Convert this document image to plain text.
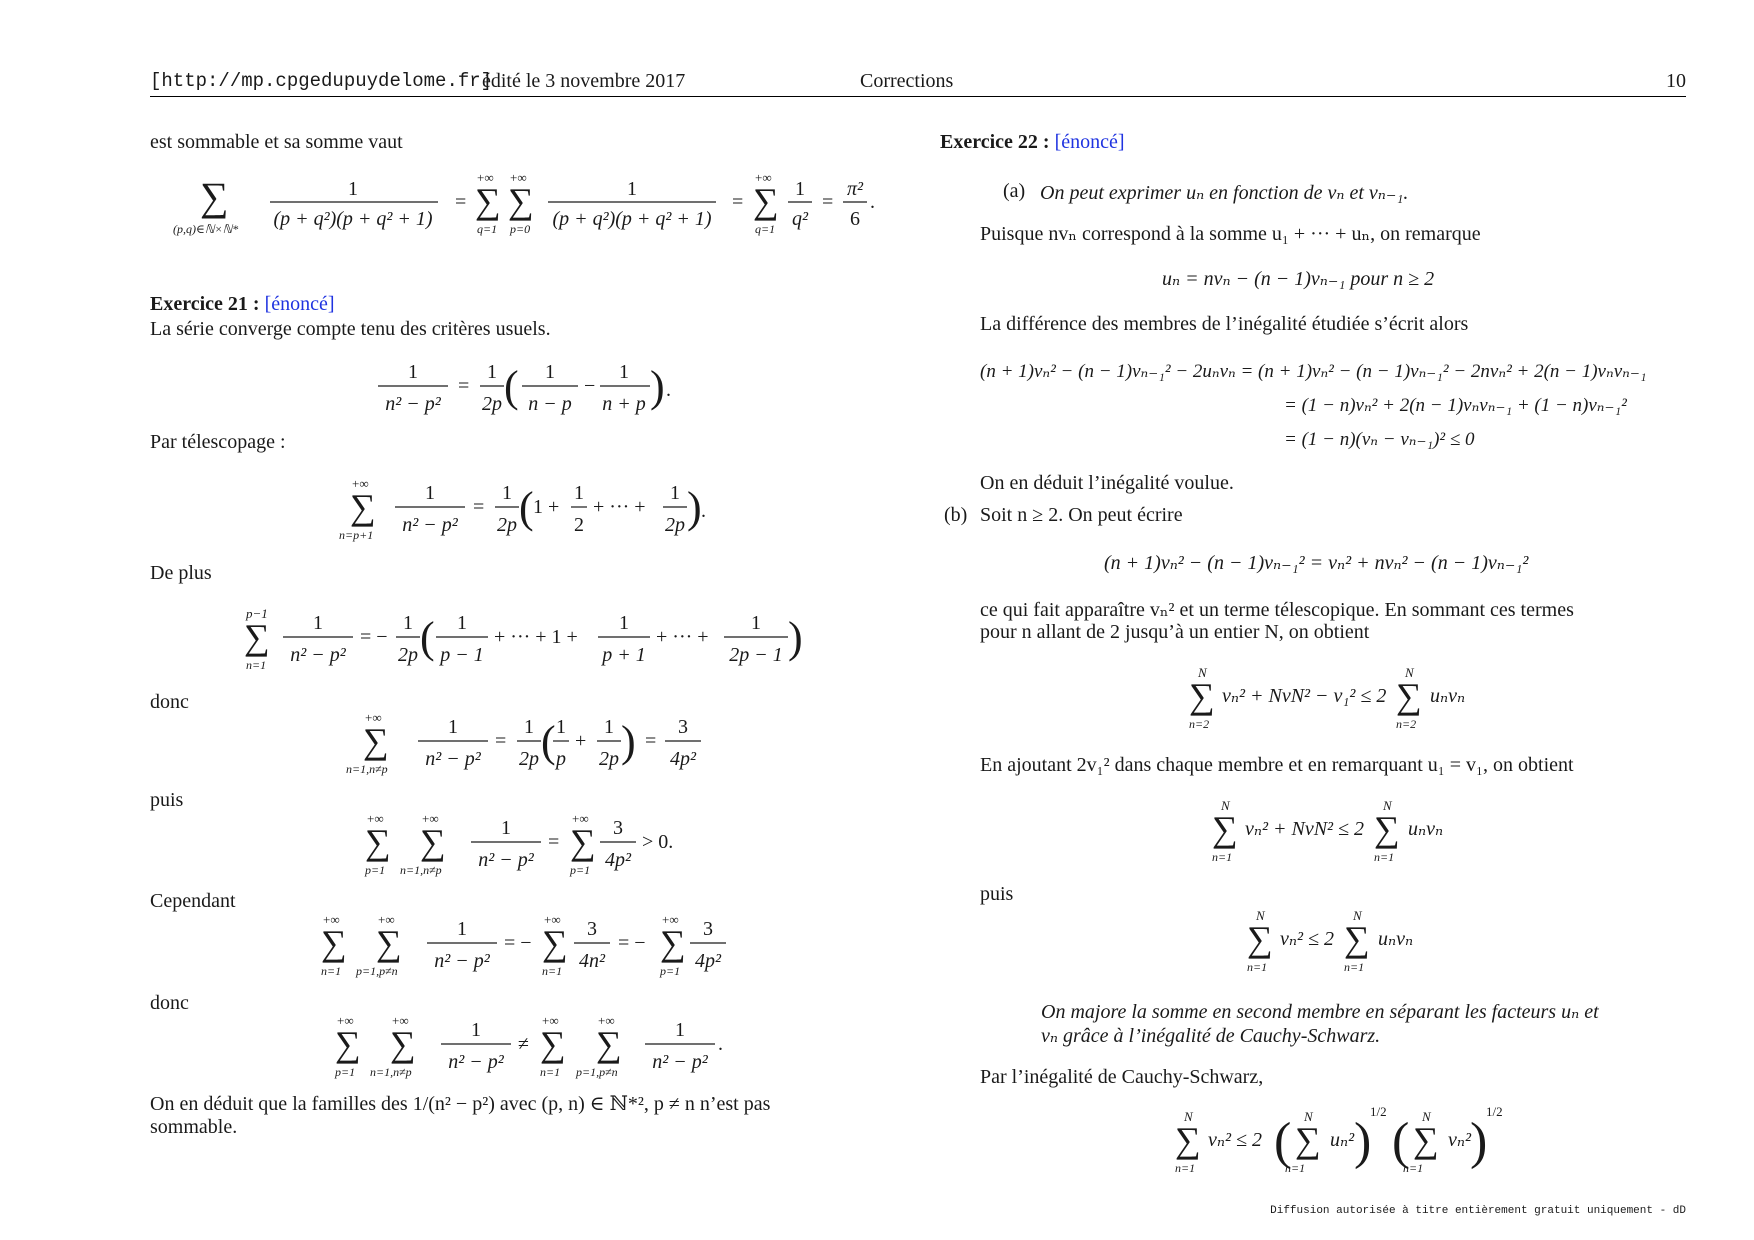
[http://mp.cpgedupuydelome.fr]
édité le 3 novembre 2017	Corrections	10
est sommable et sa somme vaut
∑
(p,q)∈ℕ×ℕ*
1
(p + q²)(p + q² + 1)
=
+∞
∑
q=1
+∞
∑
p=0
1
(p + q²)(p + q² + 1)
=
+∞
∑
q=1
1
q²
=
π²
6
.
Exercice 21 : [énoncé]
La série converge compte tenu des critères usuels.
1
n² − p²
=
1
2p ( 1
n − p
−
1
n + p ) .
Par télescopage :
+∞
∑
n=p+1
1
n² − p²
=
1
2p ( 1 +
1
2
+ ··· +
1
2p ) .
De plus
p−1
∑
n=1
1
n² − p²
= −
1
2p ( 1
p − 1
+ ··· + 1 +
1
p + 1
+ ··· +
1
2p − 1 )
donc
+∞
∑
n=1,n≠p
1
n² − p²
=
1
2p ( 1
p
+
1
2p ) =
3
4p²
puis
+∞
∑
p=1
+∞
∑
n=1,n≠p
1
n² − p²
=
+∞
∑
p=1
3
4p²
> 0.
Cependant
+∞
∑
n=1
+∞
∑
p=1,p≠n
1
n² − p²
= −
+∞
∑
n=1
3
4n²
= −
+∞
∑
p=1
3
4p²
donc
+∞
∑
p=1
+∞
∑
n=1,n≠p
1
n² − p²
≠
+∞
∑
n=1
+∞
∑
p=1,p≠n
1
n² − p²
.
On en déduit que la familles des 1/(n² − p²) avec (p, n) ∈ ℕ*², p ≠ n n’est pas
sommable.
Exercice 22 : [énoncé]
(a) On peut exprimer uₙ en fonction de vₙ et vₙ₋₁.
Puisque nvₙ correspond à la somme u₁ + ··· + uₙ, on remarque
uₙ = nvₙ − (n − 1)vₙ₋₁ pour n ≥ 2
La différence des membres de l’inégalité étudiée s’écrit alors
(n + 1)vₙ² − (n − 1)vₙ₋₁² − 2uₙvₙ = (n + 1)vₙ² − (n − 1)vₙ₋₁² − 2nvₙ² + 2(n − 1)vₙvₙ₋₁
= (1 − n)vₙ² + 2(n − 1)vₙvₙ₋₁ + (1 − n)vₙ₋₁²
= (1 − n)(vₙ − vₙ₋₁)² ≤ 0
On en déduit l’inégalité voulue.
(b) Soit n ≥ 2. On peut écrire
(n + 1)vₙ² − (n − 1)vₙ₋₁² = vₙ² + nvₙ² − (n − 1)vₙ₋₁²
ce qui fait apparaître vₙ² et un terme télescopique. En sommant ces termes
pour n allant de 2 jusqu’à un entier N, on obtient
N
∑
n=2
vₙ² + NvN² − v₁² ≤ 2
N
∑
n=2
uₙvₙ
En ajoutant 2v₁² dans chaque membre et en remarquant u₁ = v₁, on obtient
N
∑
n=1
vₙ² + NvN² ≤ 2
N
∑
n=1
uₙvₙ
puis
N
∑
n=1
vₙ² ≤ 2
N
∑
n=1
uₙvₙ
On majore la somme en second membre en séparant les facteurs uₙ et
vₙ grâce à l’inégalité de Cauchy-Schwarz.
Par l’inégalité de Cauchy-Schwarz,
N
∑
n=1
vₙ² ≤ 2 ( N
∑
n=1
uₙ² )
1/2
( N
∑
n=1
vₙ² )
1/2
Diffusion autorisée à titre entièrement gratuit uniquement - dD
